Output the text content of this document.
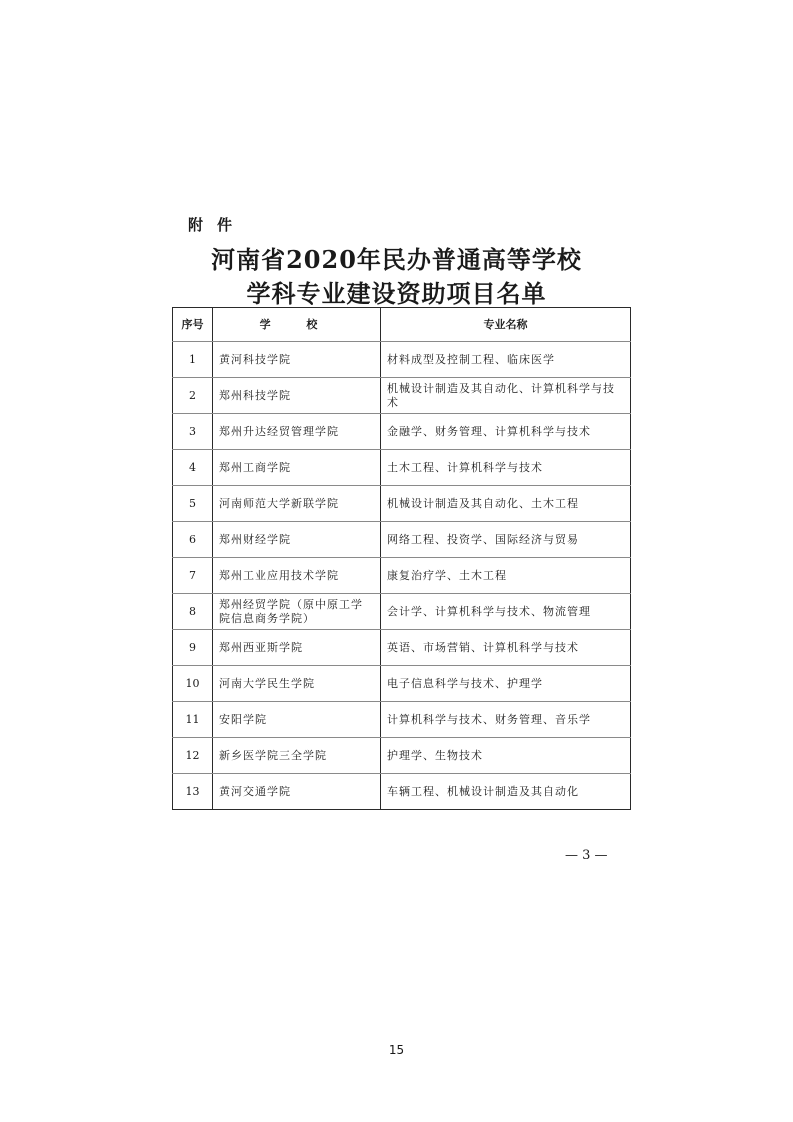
附件
河南省2020年民办普通高等学校
学科专业建设资助项目名单
序号	学 校	专业名称
1	黄河科技学院	材料成型及控制工程、临床医学
2	郑州科技学院	机械设计制造及其自动化、计算机科学与技术
3	郑州升达经贸管理学院	金融学、财务管理、计算机科学与技术
4	郑州工商学院	土木工程、计算机科学与技术
5	河南师范大学新联学院	机械设计制造及其自动化、土木工程
6	郑州财经学院	网络工程、投资学、国际经济与贸易
7	郑州工业应用技术学院	康复治疗学、土木工程
8	郑州经贸学院（原中原工学院信息商务学院）	会计学、计算机科学与技术、物流管理
9	郑州西亚斯学院	英语、市场营销、计算机科学与技术
10	河南大学民生学院	电子信息科学与技术、护理学
11	安阳学院	计算机科学与技术、财务管理、音乐学
12	新乡医学院三全学院	护理学、生物技术
13	黄河交通学院	车辆工程、机械设计制造及其自动化
— 3 —
15
